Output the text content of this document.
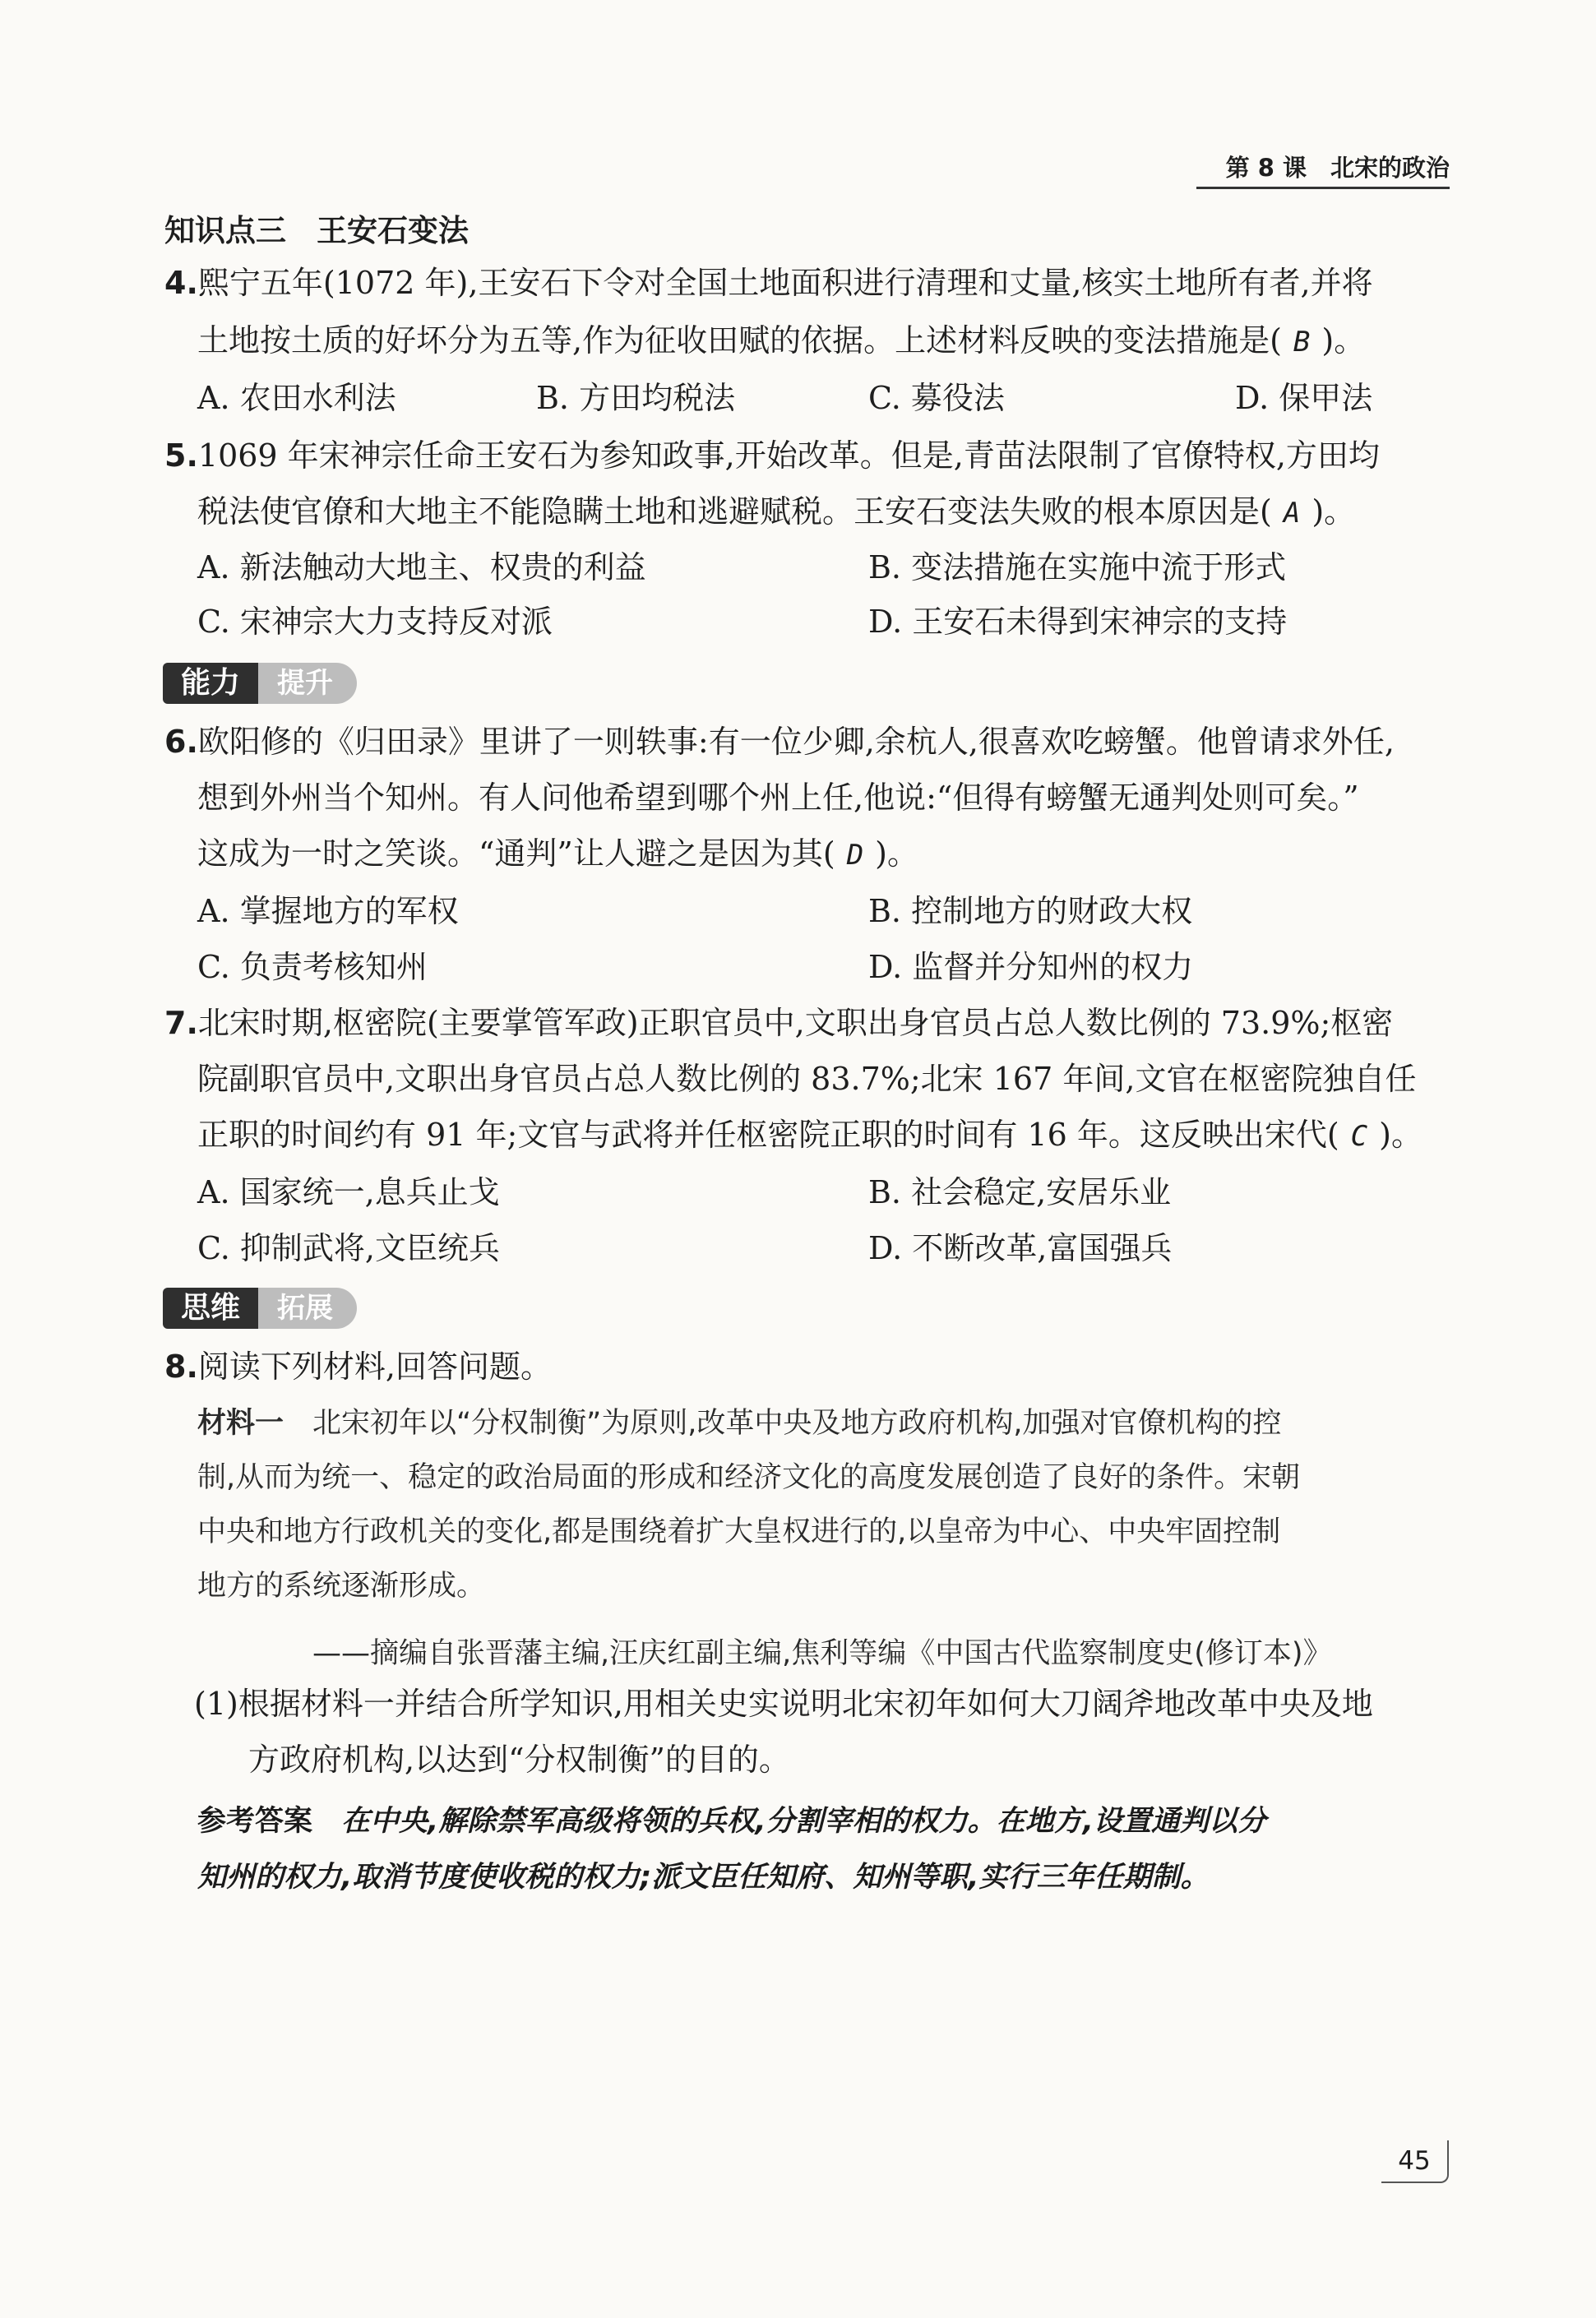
第 8 课　北宋的政治
知识点三　王安石变法
4.熙宁五年(1072 年),王安石下令对全国土地面积进行清理和丈量,核实土地所有者,并将
土地按土质的好坏分为五等,作为征收田赋的依据。上述材料反映的变法措施是( B )。
A. 农田水利法	B. 方田均税法	C. 募役法	D. 保甲法
5.1069 年宋神宗任命王安石为参知政事,开始改革。但是,青苗法限制了官僚特权,方田均
税法使官僚和大地主不能隐瞒土地和逃避赋税。王安石变法失败的根本原因是( A )。
A. 新法触动大地主、权贵的利益	B. 变法措施在实施中流于形式
C. 宋神宗大力支持反对派	D. 王安石未得到宋神宗的支持
提升
能力
6.欧阳修的《归田录》里讲了一则轶事:有一位少卿,余杭人,很喜欢吃螃蟹。他曾请求外任,
想到外州当个知州。有人问他希望到哪个州上任,他说:“但得有螃蟹无通判处则可矣。”
这成为一时之笑谈。“通判”让人避之是因为其( D )。
A. 掌握地方的军权	B. 控制地方的财政大权
C. 负责考核知州	D. 监督并分知州的权力
7.北宋时期,枢密院(主要掌管军政)正职官员中,文职出身官员占总人数比例的 73.9%;枢密
院副职官员中,文职出身官员占总人数比例的 83.7%;北宋 167 年间,文官在枢密院独自任
正职的时间约有 91 年;文官与武将并任枢密院正职的时间有 16 年。这反映出宋代( C )。
A. 国家统一,息兵止戈	B. 社会稳定,安居乐业
C. 抑制武将,文臣统兵	D. 不断改革,富国强兵
拓展
思维
8.阅读下列材料,回答问题。
材料一　 北宋初年以“分权制衡”为原则,改革中央及地方政府机构,加强对官僚机构的控
制,从而为统一、稳定的政治局面的形成和经济文化的高度发展创造了良好的条件。宋朝
中央和地方行政机关的变化,都是围绕着扩大皇权进行的,以皇帝为中心、中央牢固控制
地方的系统逐渐形成。
——摘编自张晋藩主编,汪庆红副主编,焦利等编《中国古代监察制度史(修订本)》
(1)根据材料一并结合所学知识,用相关史实说明北宋初年如何大刀阔斧地改革中央及地
方政府机构,以达到“分权制衡”的目的。
参考答案　 在中央,解除禁军高级将领的兵权,分割宰相的权力。在地方,设置通判以分
知州的权力,取消节度使收税的权力;派文臣任知府、知州等职,实行三年任期制。
45
